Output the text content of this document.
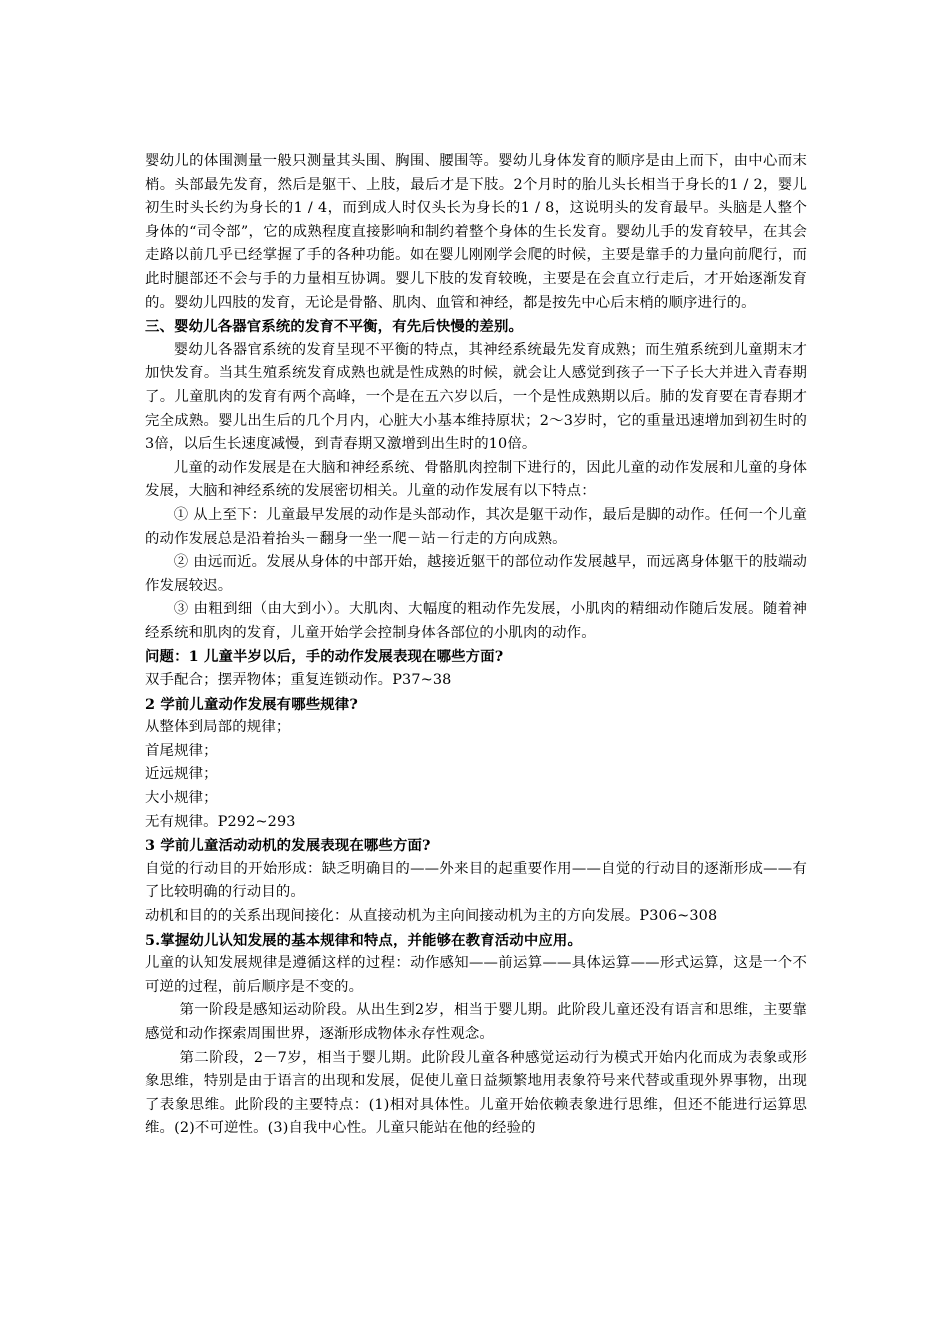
婴幼儿的体围测量一般只测量其头围、胸围、腰围等。婴幼儿身体发育的顺序是由上而下，由中心而末梢。头部最先发育，然后是躯干、上肢，最后才是下肢。2个月时的胎儿头长相当于身长的1 / 2，婴儿初生时头长约为身长的1 / 4，而到成人时仅头长为身长的1 / 8，这说明头的发育最早。头脑是人整个身体的“司令部”，它的成熟程度直接影响和制约着整个身体的生长发育。婴幼儿手的发育较早，在其会走路以前几乎已经掌握了手的各种功能。如在婴儿刚刚学会爬的时候，主要是靠手的力量向前爬行，而此时腿部还不会与手的力量相互协调。婴儿下肢的发育较晚，主要是在会直立行走后，才开始逐渐发育的。婴幼儿四肢的发育，无论是骨骼、肌肉、血管和神经，都是按先中心后末梢的顺序进行的。

三、婴幼儿各器官系统的发育不平衡，有先后快慢的差别。

婴幼儿各器官系统的发育呈现不平衡的特点，其神经系统最先发育成熟；而生殖系统到儿童期末才加快发育。当其生殖系统发育成熟也就是性成熟的时候，就会让人感觉到孩子一下子长大并进入青春期了。儿童肌肉的发育有两个高峰，一个是在五六岁以后，一个是性成熟期以后。肺的发育要在青春期才完全成熟。婴儿出生后的几个月内，心脏大小基本维持原状；2～3岁时，它的重量迅速增加到初生时的3倍，以后生长速度减慢，到青春期又激增到出生时的10倍。

儿童的动作发展是在大脑和神经系统、骨骼肌肉控制下进行的，因此儿童的动作发展和儿童的身体发展，大脑和神经系统的发展密切相关。儿童的动作发展有以下特点：

① 从上至下：儿童最早发展的动作是头部动作，其次是躯干动作，最后是脚的动作。任何一个儿童的动作发展总是沿着抬头－翻身一坐一爬－站－行走的方向成熟。

② 由远而近。发展从身体的中部开始，越接近躯干的部位动作发展越早，而远离身体躯干的肢端动作发展较迟。

③ 由粗到细（由大到小）。大肌肉、大幅度的粗动作先发展，小肌肉的精细动作随后发展。随着神经系统和肌肉的发育，儿童开始学会控制身体各部位的小肌肉的动作。

问题：1 儿童半岁以后，手的动作发展表现在哪些方面?

双手配合；摆弄物体；重复连锁动作。P37~38

2 学前儿童动作发展有哪些规律?

从整体到局部的规律；

首尾规律；

近远规律；

大小规律；

无有规律。P292~293

3 学前儿童活动动机的发展表现在哪些方面?

自觉的行动目的开始形成：缺乏明确目的——外来目的起重要作用——自觉的行动目的逐渐形成——有了比较明确的行动目的。

动机和目的的关系出现间接化：从直接动机为主向间接动机为主的方向发展。P306~308

5.掌握幼儿认知发展的基本规律和特点，并能够在教育活动中应用。

儿童的认知发展规律是遵循这样的过程：动作感知——前运算——具体运算——形式运算，这是一个不可逆的过程，前后顺序是不变的。

第一阶段是感知运动阶段。从出生到2岁，相当于婴儿期。此阶段儿童还没有语言和思维，主要靠感觉和动作探索周围世界，逐渐形成物体永存性观念。

第二阶段，2－7岁，相当于婴儿期。此阶段儿童各种感觉运动行为模式开始内化而成为表象或形象思维，特别是由于语言的出现和发展，促使儿童日益频繁地用表象符号来代替或重现外界事物，出现了表象思维。此阶段的主要特点：(1)相对具体性。儿童开始依赖表象进行思维，但还不能进行运算思维。(2)不可逆性。(3)自我中心性。儿童只能站在他的经验的
